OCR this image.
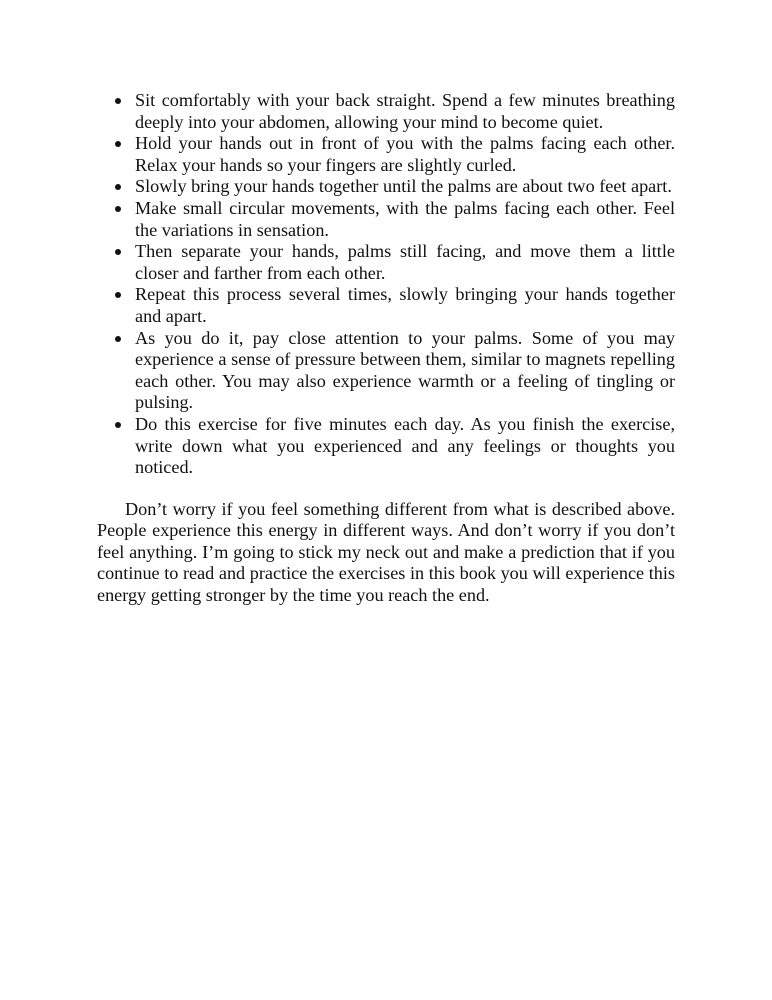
Sit comfortably with your back straight. Spend a few minutes breathing deeply into your abdomen, allowing your mind to become quiet.
Hold your hands out in front of you with the palms facing each other. Relax your hands so your fingers are slightly curled.
Slowly bring your hands together until the palms are about two feet apart.
Make small circular movements, with the palms facing each other. Feel the variations in sensation.
Then separate your hands, palms still facing, and move them a little closer and farther from each other.
Repeat this process several times, slowly bringing your hands together and apart.
As you do it, pay close attention to your palms. Some of you may experience a sense of pressure between them, similar to magnets repelling each other. You may also experience warmth or a feeling of tingling or pulsing.
Do this exercise for five minutes each day. As you finish the exercise, write down what you experienced and any feelings or thoughts you noticed.

Don’t worry if you feel something different from what is described above. People experience this energy in different ways. And don’t worry if you don’t feel anything. I’m going to stick my neck out and make a prediction that if you continue to read and practice the exercises in this book you will experience this energy getting stronger by the time you reach the end.
